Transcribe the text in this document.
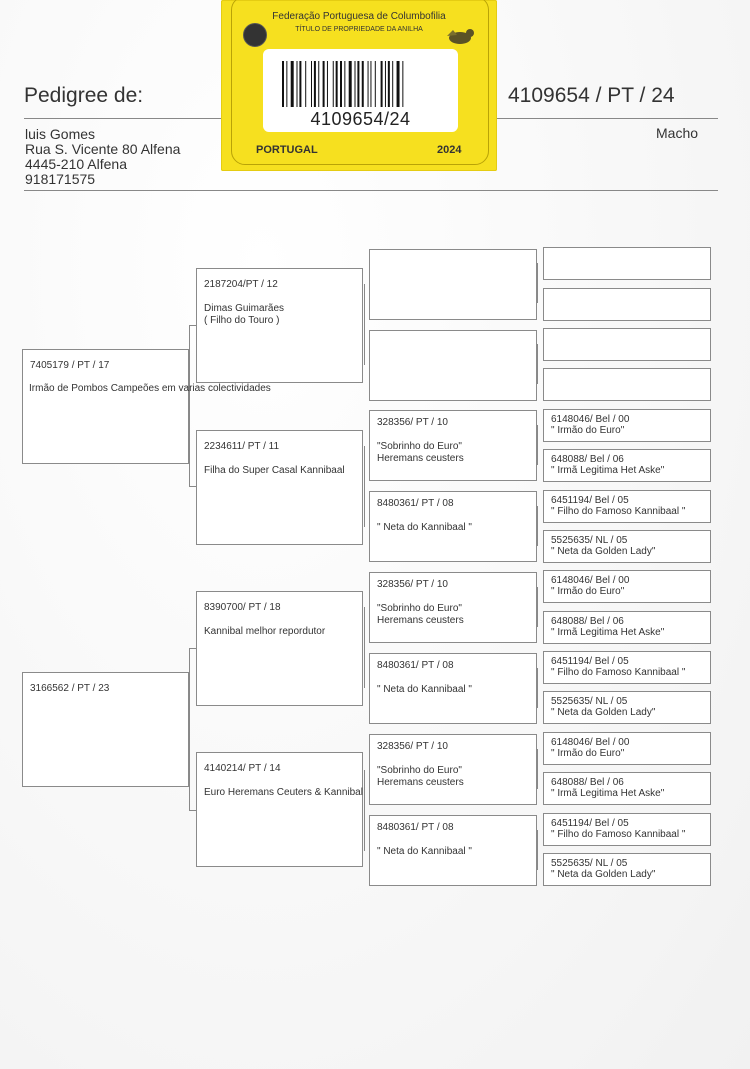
Pedigree de:	4109654 / PT / 24
Macho
luis Gomes
Rua S. Vicente 80 Alfena
4445-210 Alfena
918171575
Federação Portuguesa de Columbofilia
TÍTULO DE PROPRIEDADE DA ANILHA
4109654/24
PORTUGAL	2024
7405179 / PT / 17
Irmão de Pombos Campeões em varias colectividades
3166562 / PT / 23
2187204/PT / 12
Dimas Guimarães
( Filho do Touro )
2234611/ PT / 11
Filha do Super Casal Kannibaal
8390700/ PT / 18
Kannibal melhor repordutor
4140214/ PT / 14
Euro Heremans Ceuters & Kannibal
328356/ PT / 10
"Sobrinho do Euro"
Heremans ceusters
8480361/ PT / 08
" Neta do Kannibaal "
328356/ PT / 10
"Sobrinho do Euro"
Heremans ceusters
8480361/ PT / 08
" Neta do Kannibaal "
328356/ PT / 10
"Sobrinho do Euro"
Heremans ceusters
8480361/ PT / 08
" Neta do Kannibaal "
6148046/ Bel / 00
" Irmão do Euro"
648088/ Bel / 06
" Irmã Legitima Het Aske"
6451194/ Bel / 05
" Filho do Famoso Kannibaal "
5525635/ NL / 05
" Neta da Golden Lady"
6148046/ Bel / 00
" Irmão do Euro"
648088/ Bel / 06
" Irmã Legitima Het Aske"
6451194/ Bel / 05
" Filho do Famoso Kannibaal "
5525635/ NL / 05
" Neta da Golden Lady"
6148046/ Bel / 00
" Irmão do Euro"
648088/ Bel / 06
" Irmã Legitima Het Aske"
6451194/ Bel / 05
" Filho do Famoso Kannibaal "
5525635/ NL / 05
" Neta da Golden Lady"
